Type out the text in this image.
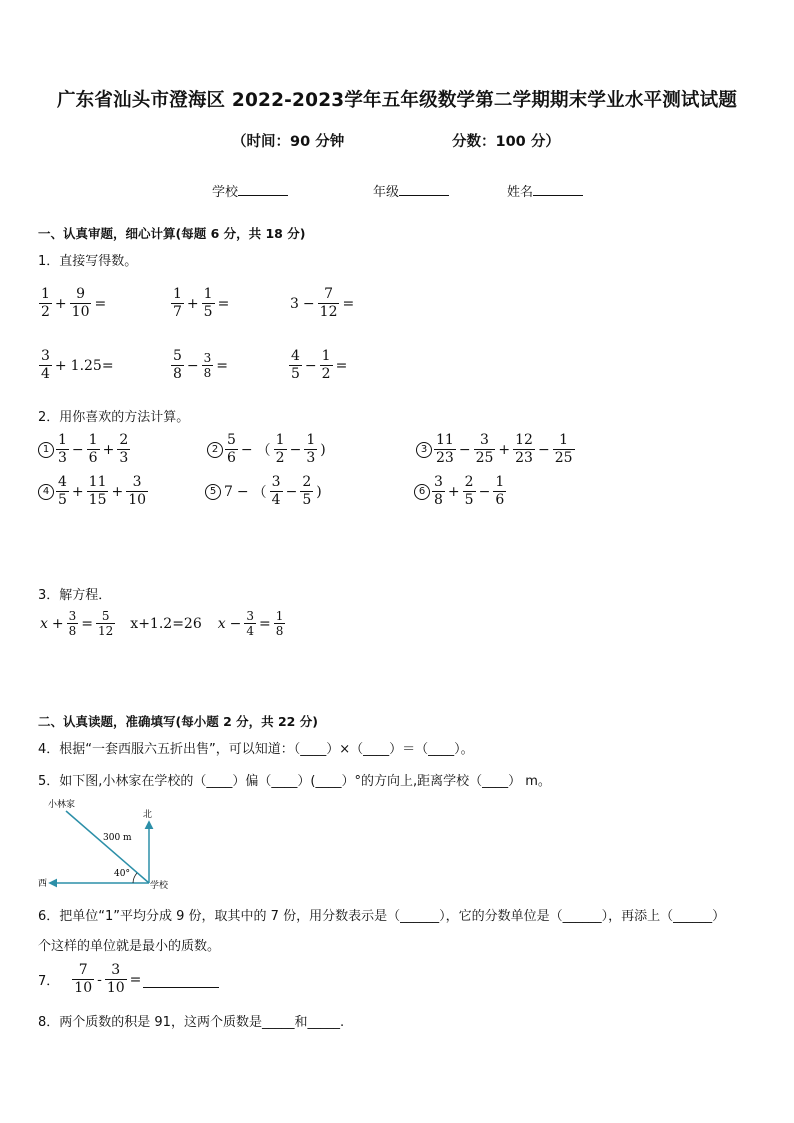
广东省汕头市澄海区 2022-2023学年五年级数学第二学期期末学业水平测试试题
（时间：90 分钟	分数：100 分）
学校	年级	姓名
一、认真审题，细心计算(每题 6 分，共 18 分)
1．直接写得数。
$\frac{1}{2} + \frac{9}{10}$ =	$\frac{1}{7} + \frac{1}{5}$ =	$3 - \frac{7}{12}$ =
$\frac{3}{4} + 1.25=$	$\frac{5}{8} - \frac{3}{8}$ =	$\frac{4}{5} - \frac{1}{2}$ =
2．用你喜欢的方法计算。
$1 \frac{1}{3} - \frac{1}{6} + \frac{2}{3}$	$2 \frac{5}{6}$ − （ $\frac{1}{2} - \frac{1}{3}$ )	$3 \frac{11}{23} - \frac{3}{25} + \frac{12}{23} - \frac{1}{25}$
$4 \frac{4}{5} + \frac{11}{15} + \frac{3}{10}$	5 7 − （ $\frac{3}{4} - \frac{2}{5}$ )	$6 \frac{3}{8} + \frac{2}{5} - \frac{1}{6}$
3．解方程．
$x + \frac{3}{8} = \frac{5}{12} x+1.2=26$ $x - \frac{3}{4} = \frac{1}{8}$
二、认真读题，准确填写(每小题 2 分，共 22 分)
4．根据“一套西服六五折出售”，可以知道：（____）×（____）＝（____）。
5．如下图,小林家在学校的（____）偏（____）(____）°的方向上,距离学校（____） m。
小林家
北
西	学校
300 m
40°
6．把单位“1”平均分成 9 份，取其中的 7 份，用分数表示是（______），它的分数单位是（______），再添上（______）
个这样的单位就是最小的质数。
7． $\frac{7}{10} - \frac{3}{10}$ =
8．两个质数的积是 91，这两个质数是_____和_____.
